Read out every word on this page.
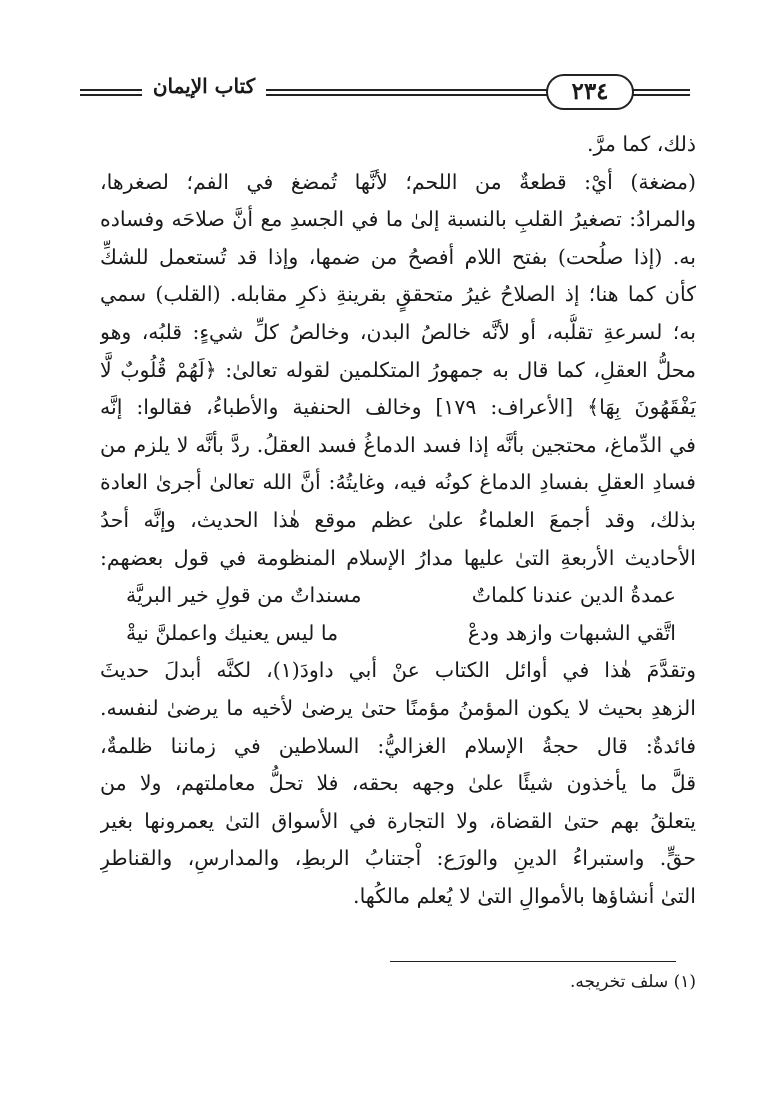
كتاب الإيمان	٢٣٤
ذلك، كما مرَّ.
(مضغة) أيْ: قطعةٌ من اللحم؛ لأنَّها تُمضغ في الفم؛ لصغرها،
والمرادُ: تصغيرُ القلبِ بالنسبة إلىٰ ما في الجسدِ مع أنَّ صلاحَه وفساده
به. (إذا صلُحت) بفتح اللام أفصحُ من ضمها، وإذا قد تُستعمل للشكِّ
كأن كما هنا؛ إذ الصلاحُ غيرُ متحققٍ بقرينةِ ذكرِ مقابله. (القلب) سمي
به؛ لسرعةِ تقلُّبه، أو لأنَّه خالصُ البدن، وخالصُ كلِّ شيءٍ: قلبُه، وهو
محلُّ العقلِ، كما قال به جمهورُ المتكلمين لقوله تعالىٰ: ﴿لَهُمْ قُلُوبٌ لَّا
يَفْقَهُونَ بِهَا﴾ [الأعراف: ١٧٩] وخالف الحنفية والأطباءُ، فقالوا: إنَّه
في الدِّماغ، محتجين بأنَّه إذا فسد الدماغُ فسد العقلُ. ردَّ بأنَّه لا يلزم من
فسادِ العقلِ بفسادِ الدماغ كونُه فيه، وغايتُهُ: أنَّ الله تعالىٰ أجرىٰ العادة
بذلك، وقد أجمعَ العلماءُ علىٰ عظم موقع هٰذا الحديث، وإنَّه أحدُ
الأحاديث الأربعةِ التىٰ عليها مدارُ الإسلام المنظومة في قول بعضهم:
عمدةُ الدين عندنا كلماتٌ
مسنداتٌ من قولِ خير البريَّة
اتَّقي الشبهات وازهد ودعْ
ما ليس يعنيك واعملنَّ نيةْ
وتقدَّمَ هٰذا في أوائل الكتاب عنْ أبي داودَ(١)، لكنَّه أبدلَ حديثَ
الزهدِ بحيث لا يكون المؤمنُ مؤمنًا حتىٰ يرضىٰ لأخيه ما يرضىٰ لنفسه.
فائدةٌ: قال حجةُ الإسلام الغزاليُّ: السلاطين في زماننا ظلمةٌ،
قلَّ ما يأخذون شيئًا علىٰ وجهه بحقه، فلا تحلُّ معاملتهم، ولا من
يتعلقُ بهم حتىٰ القضاة، ولا التجارة في الأسواق التىٰ يعمرونها بغير
حقٍّ. واستبراءُ الدينِ والورَع: اْجتنابُ الربطِ، والمدارسِ، والقناطرِ
التىٰ أنشاؤها بالأموالِ التىٰ لا يُعلم مالكُها.
(١) سلف تخريجه.
